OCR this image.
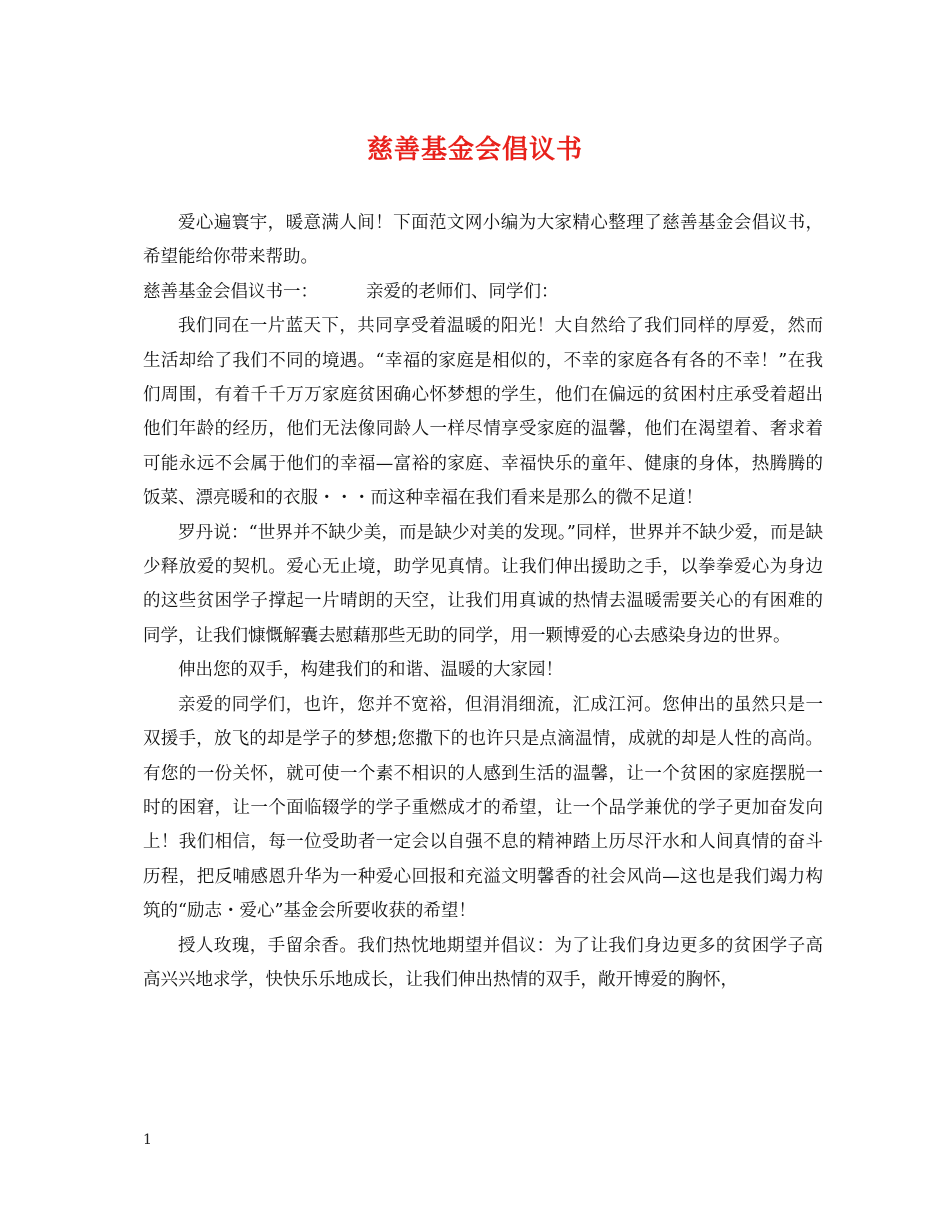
慈善基金会倡议书

爱心遍寰宇，暖意满人间！下面范文网小编为大家精心整理了慈善基金会倡议书，希望能给你带来帮助。

慈善基金会倡议书一：	亲爱的老师们、同学们：

我们同在一片蓝天下，共同享受着温暖的阳光！大自然给了我们同样的厚爱，然而生活却给了我们不同的境遇。“幸福的家庭是相似的，不幸的家庭各有各的不幸！”在我们周围，有着千千万万家庭贫困确心怀梦想的学生，他们在偏远的贫困村庄承受着超出他们年龄的经历，他们无法像同龄人一样尽情享受家庭的温馨，他们在渴望着、奢求着可能永远不会属于他们的幸福—富裕的家庭、幸福快乐的童年、健康的身体，热腾腾的饭菜、漂亮暖和的衣服・・・而这种幸福在我们看来是那么的微不足道！

罗丹说：“世界并不缺少美，而是缺少对美的发现。”同样，世界并不缺少爱，而是缺少释放爱的契机。爱心无止境，助学见真情。让我们伸出援助之手，以拳拳爱心为身边的这些贫困学子撑起一片晴朗的天空，让我们用真诚的热情去温暖需要关心的有困难的同学，让我们慷慨解囊去慰藉那些无助的同学，用一颗博爱的心去感染身边的世界。

伸出您的双手，构建我们的和谐、温暖的大家园！

亲爱的同学们，也许，您并不宽裕，但涓涓细流，汇成江河。您伸出的虽然只是一双援手，放飞的却是学子的梦想;您撒下的也许只是点滴温情，成就的却是人性的高尚。有您的一份关怀，就可使一个素不相识的人感到生活的温馨，让一个贫困的家庭摆脱一时的困窘，让一个面临辍学的学子重燃成才的希望，让一个品学兼优的学子更加奋发向上！我们相信，每一位受助者一定会以自强不息的精神踏上历尽汗水和人间真情的奋斗历程，把反哺感恩升华为一种爱心回报和充溢文明馨香的社会风尚—这也是我们竭力构筑的“励志・爱心”基金会所要收获的希望！

授人玫瑰，手留余香。我们热忱地期望并倡议：为了让我们身边更多的贫困学子高高兴兴地求学，快快乐乐地成长，让我们伸出热情的双手，敞开博爱的胸怀，

1
